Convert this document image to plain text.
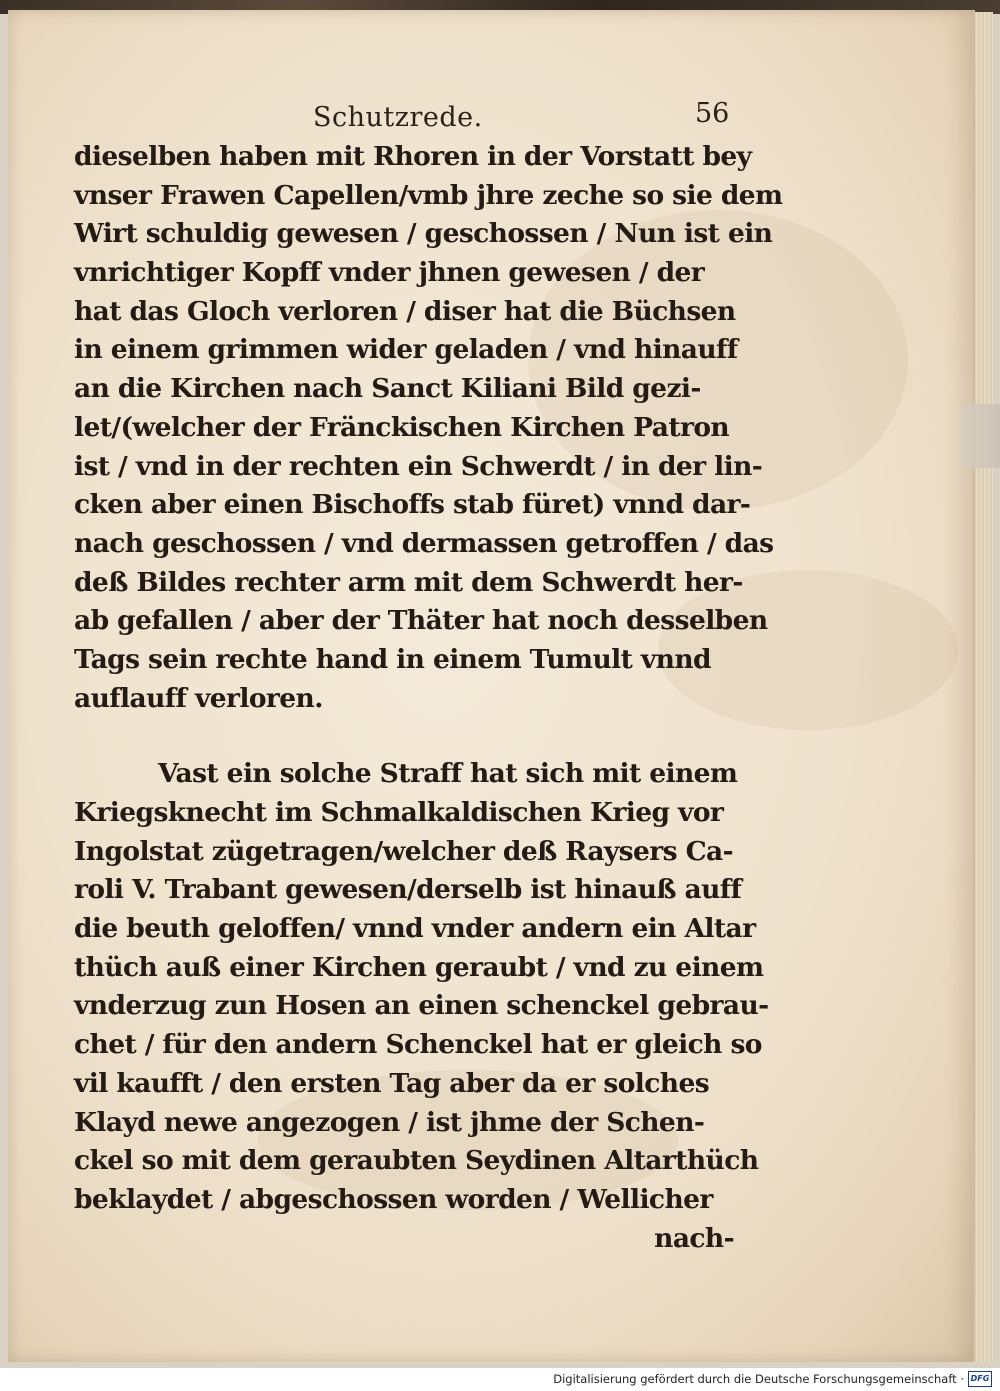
Schutzrede.	56
dieselben haben mit Rhoren in der Vorstatt bey
vnser Frawen Capellen/vmb jhre zeche so sie dem
Wirt schuldig gewesen / geschossen / Nun ist ein
vnrichtiger Kopff vnder jhnen gewesen / der
hat das Gloch verloren / diser hat die Büchsen
in einem grimmen wider geladen / vnd hinauff
an die Kirchen nach Sanct Kiliani Bild gezi-
let/(welcher der Fränckischen Kirchen Patron
ist / vnd in der rechten ein Schwerdt / in der lin-
cken aber einen Bischoffs stab füret) vnnd dar-
nach geschossen / vnd dermassen getroffen / das
deß Bildes rechter arm mit dem Schwerdt her-
ab gefallen / aber der Thäter hat noch desselben
Tags sein rechte hand in einem Tumult vnnd
auflauff verloren.
Vast ein solche Straff hat sich mit einem
Kriegsknecht im Schmalkaldischen Krieg vor
Ingolstat zügetragen/welcher deß Raysers Ca-
roli V. Trabant gewesen/derselb ist hinauß auff
die beuth geloffen/ vnnd vnder andern ein Altar
thüch auß einer Kirchen geraubt / vnd zu einem
vnderzug zun Hosen an einen schenckel gebrau-
chet / für den andern Schenckel hat er gleich so
vil kaufft / den ersten Tag aber da er solches
Klayd newe angezogen / ist jhme der Schen-
ckel so mit dem geraubten Seydinen Altarthüch
beklaydet / abgeschossen worden / Wellicher
nach-
Digitalisierung gefördert durch die Deutsche Forschungsgemeinschaft · DFG
